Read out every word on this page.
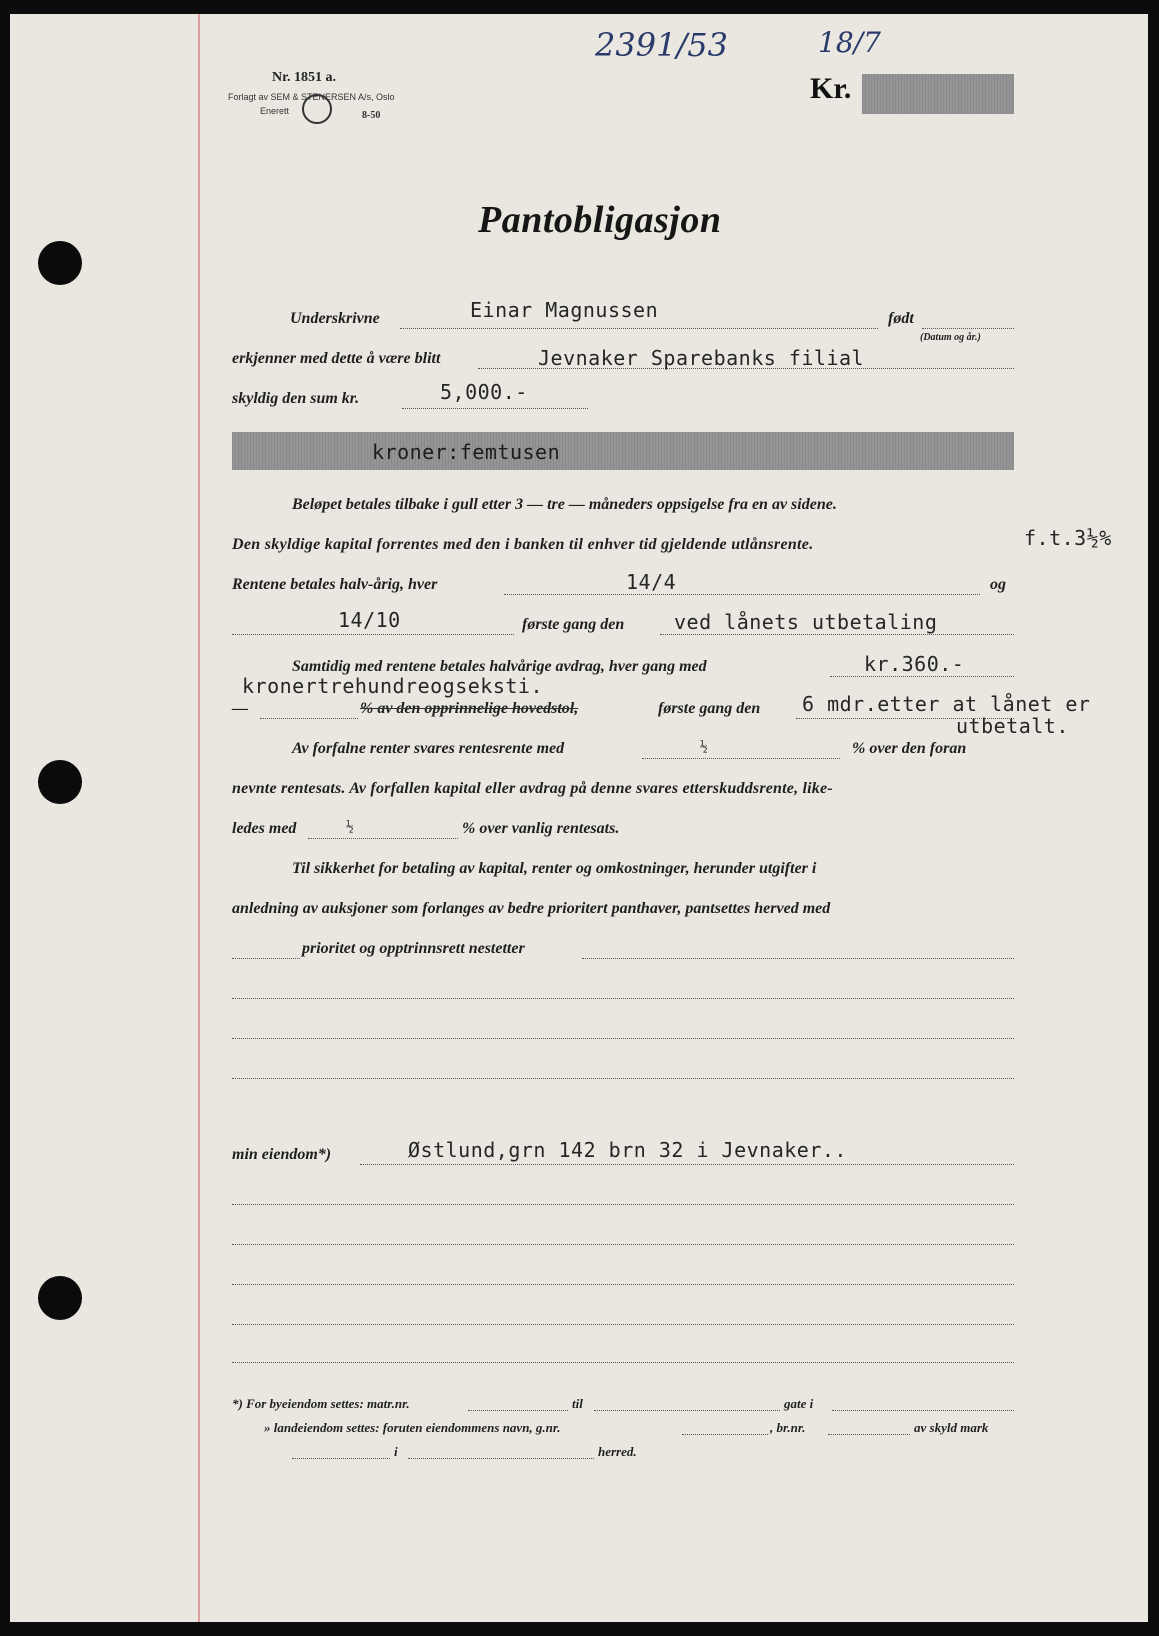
2391/53	18/7
Nr. 1851 a.
Forlagt av SEM & STENERSEN A/s, Oslo
Enerett	8-50
Kr.
Pantobligasjon
Underskrivne	Einar Magnussen	født
(Datum og år.)
erkjenner med dette å være blitt	Jevnaker Sparebanks filial
skyldig den sum kr.	5,000.-
kroner:femtusen
Beløpet betales tilbake i gull etter 3 — tre — måneders oppsigelse fra en av sidene.
Den skyldige kapital forrentes med den i banken til enhver tid gjeldende utlånsrente.	f.t.3½%
Rentene betales halv-årig, hver	14/4	og
14/10	første gang den ved lånets utbetaling
Samtidig med rentene betales halvårige avdrag, hver gang med	kr.360.-
kronertrehundreogseksti.
—	% av den opprinnelige hovedstol,	første gang den 6 mdr.etter at lånet er
utbetalt.
Av forfalne renter svares rentesrente med	½	% over den foran
nevnte rentesats. Av forfallen kapital eller avdrag på denne svares etterskuddsrente, like-
ledes med	½	% over vanlig rentesats.
Til sikkerhet for betaling av kapital, renter og omkostninger, herunder utgifter i
anledning av auksjoner som forlanges av bedre prioritert panthaver, pantsettes herved med
prioritet og opptrinnsrett nestetter
min eiendom*)	Østlund,grn 142 brn 32 i Jevnaker..
*) For byeiendom settes: matr.nr.	til	gate i
» landeiendom settes: foruten eiendommens navn, g.nr.	, br.nr.	av skyld mark
i	herred.
